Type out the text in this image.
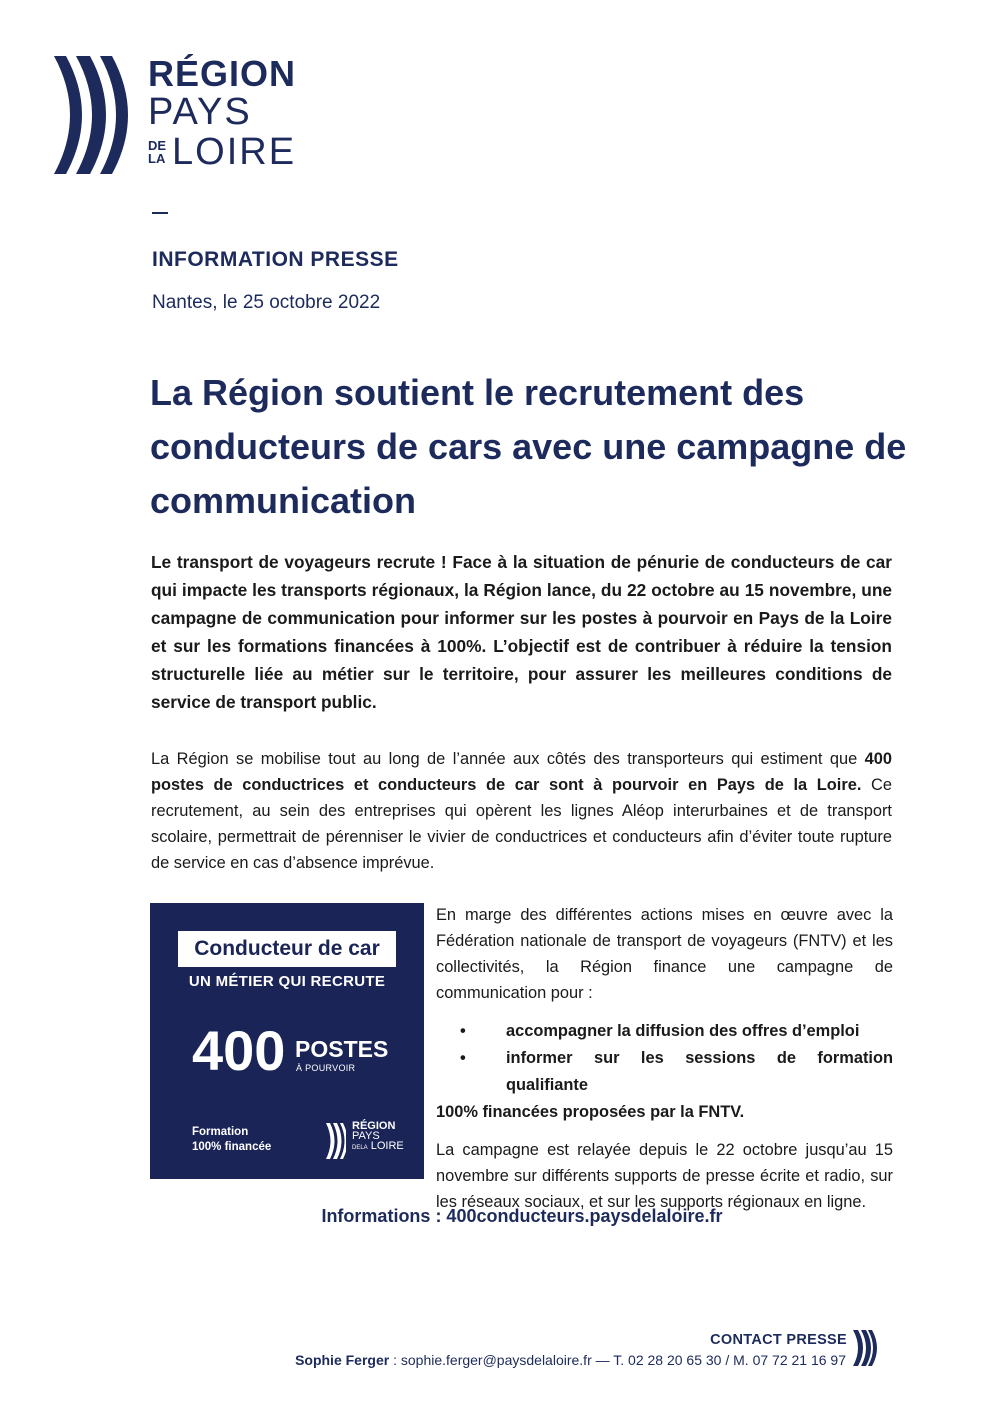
RÉGION
PAYS
DE
LA LOIRE
INFORMATION PRESSE
Nantes, le 25 octobre 2022
La Région soutient le recrutement des conducteurs de cars avec une campagne de communication

Le transport de voyageurs recrute ! Face à la situation de pénurie de conducteurs de car qui impacte les transports régionaux, la Région lance, du 22 octobre au 15 novembre, une campagne de communication pour informer sur les postes à pourvoir en Pays de la Loire et sur les formations financées à 100%. L’objectif est de contribuer à réduire la tension structurelle liée au métier sur le territoire, pour assurer les meilleures conditions de service de transport public.

La Région se mobilise tout au long de l’année aux côtés des transporteurs qui estiment que 400 postes de conductrices et conducteurs de car sont à pourvoir en Pays de la Loire. Ce recrutement, au sein des entreprises qui opèrent les lignes Aléop interurbaines et de transport scolaire, permettrait de pérenniser le vivier de conductrices et conducteurs afin d’éviter toute rupture de service en cas d’absence imprévue.

Conducteur de car
UN MÉTIER QUI RECRUTE
400 POSTES
À POURVOIR
Formation
100% financée
RÉGION
PAYS
DELA LOIRE

En marge des différentes actions mises en œuvre avec la Fédération nationale de transport de voyageurs (FNTV) et les collectivités, la Région finance une campagne de communication pour :

• accompagner la diffusion des offres d’emploi
• informer sur les sessions de formation qualifiante

100% financées proposées par la FNTV.

La campagne est relayée depuis le 22 octobre jusqu’au 15 novembre sur différents supports de presse écrite et radio, sur les réseaux sociaux, et sur les supports régionaux en ligne.

Informations : 400conducteurs.paysdelaloire.fr
CONTACT PRESSE
Sophie Ferger : sophie.ferger@paysdelaloire.fr — T. 02 28 20 65 30 / M. 07 72 21 16 97
